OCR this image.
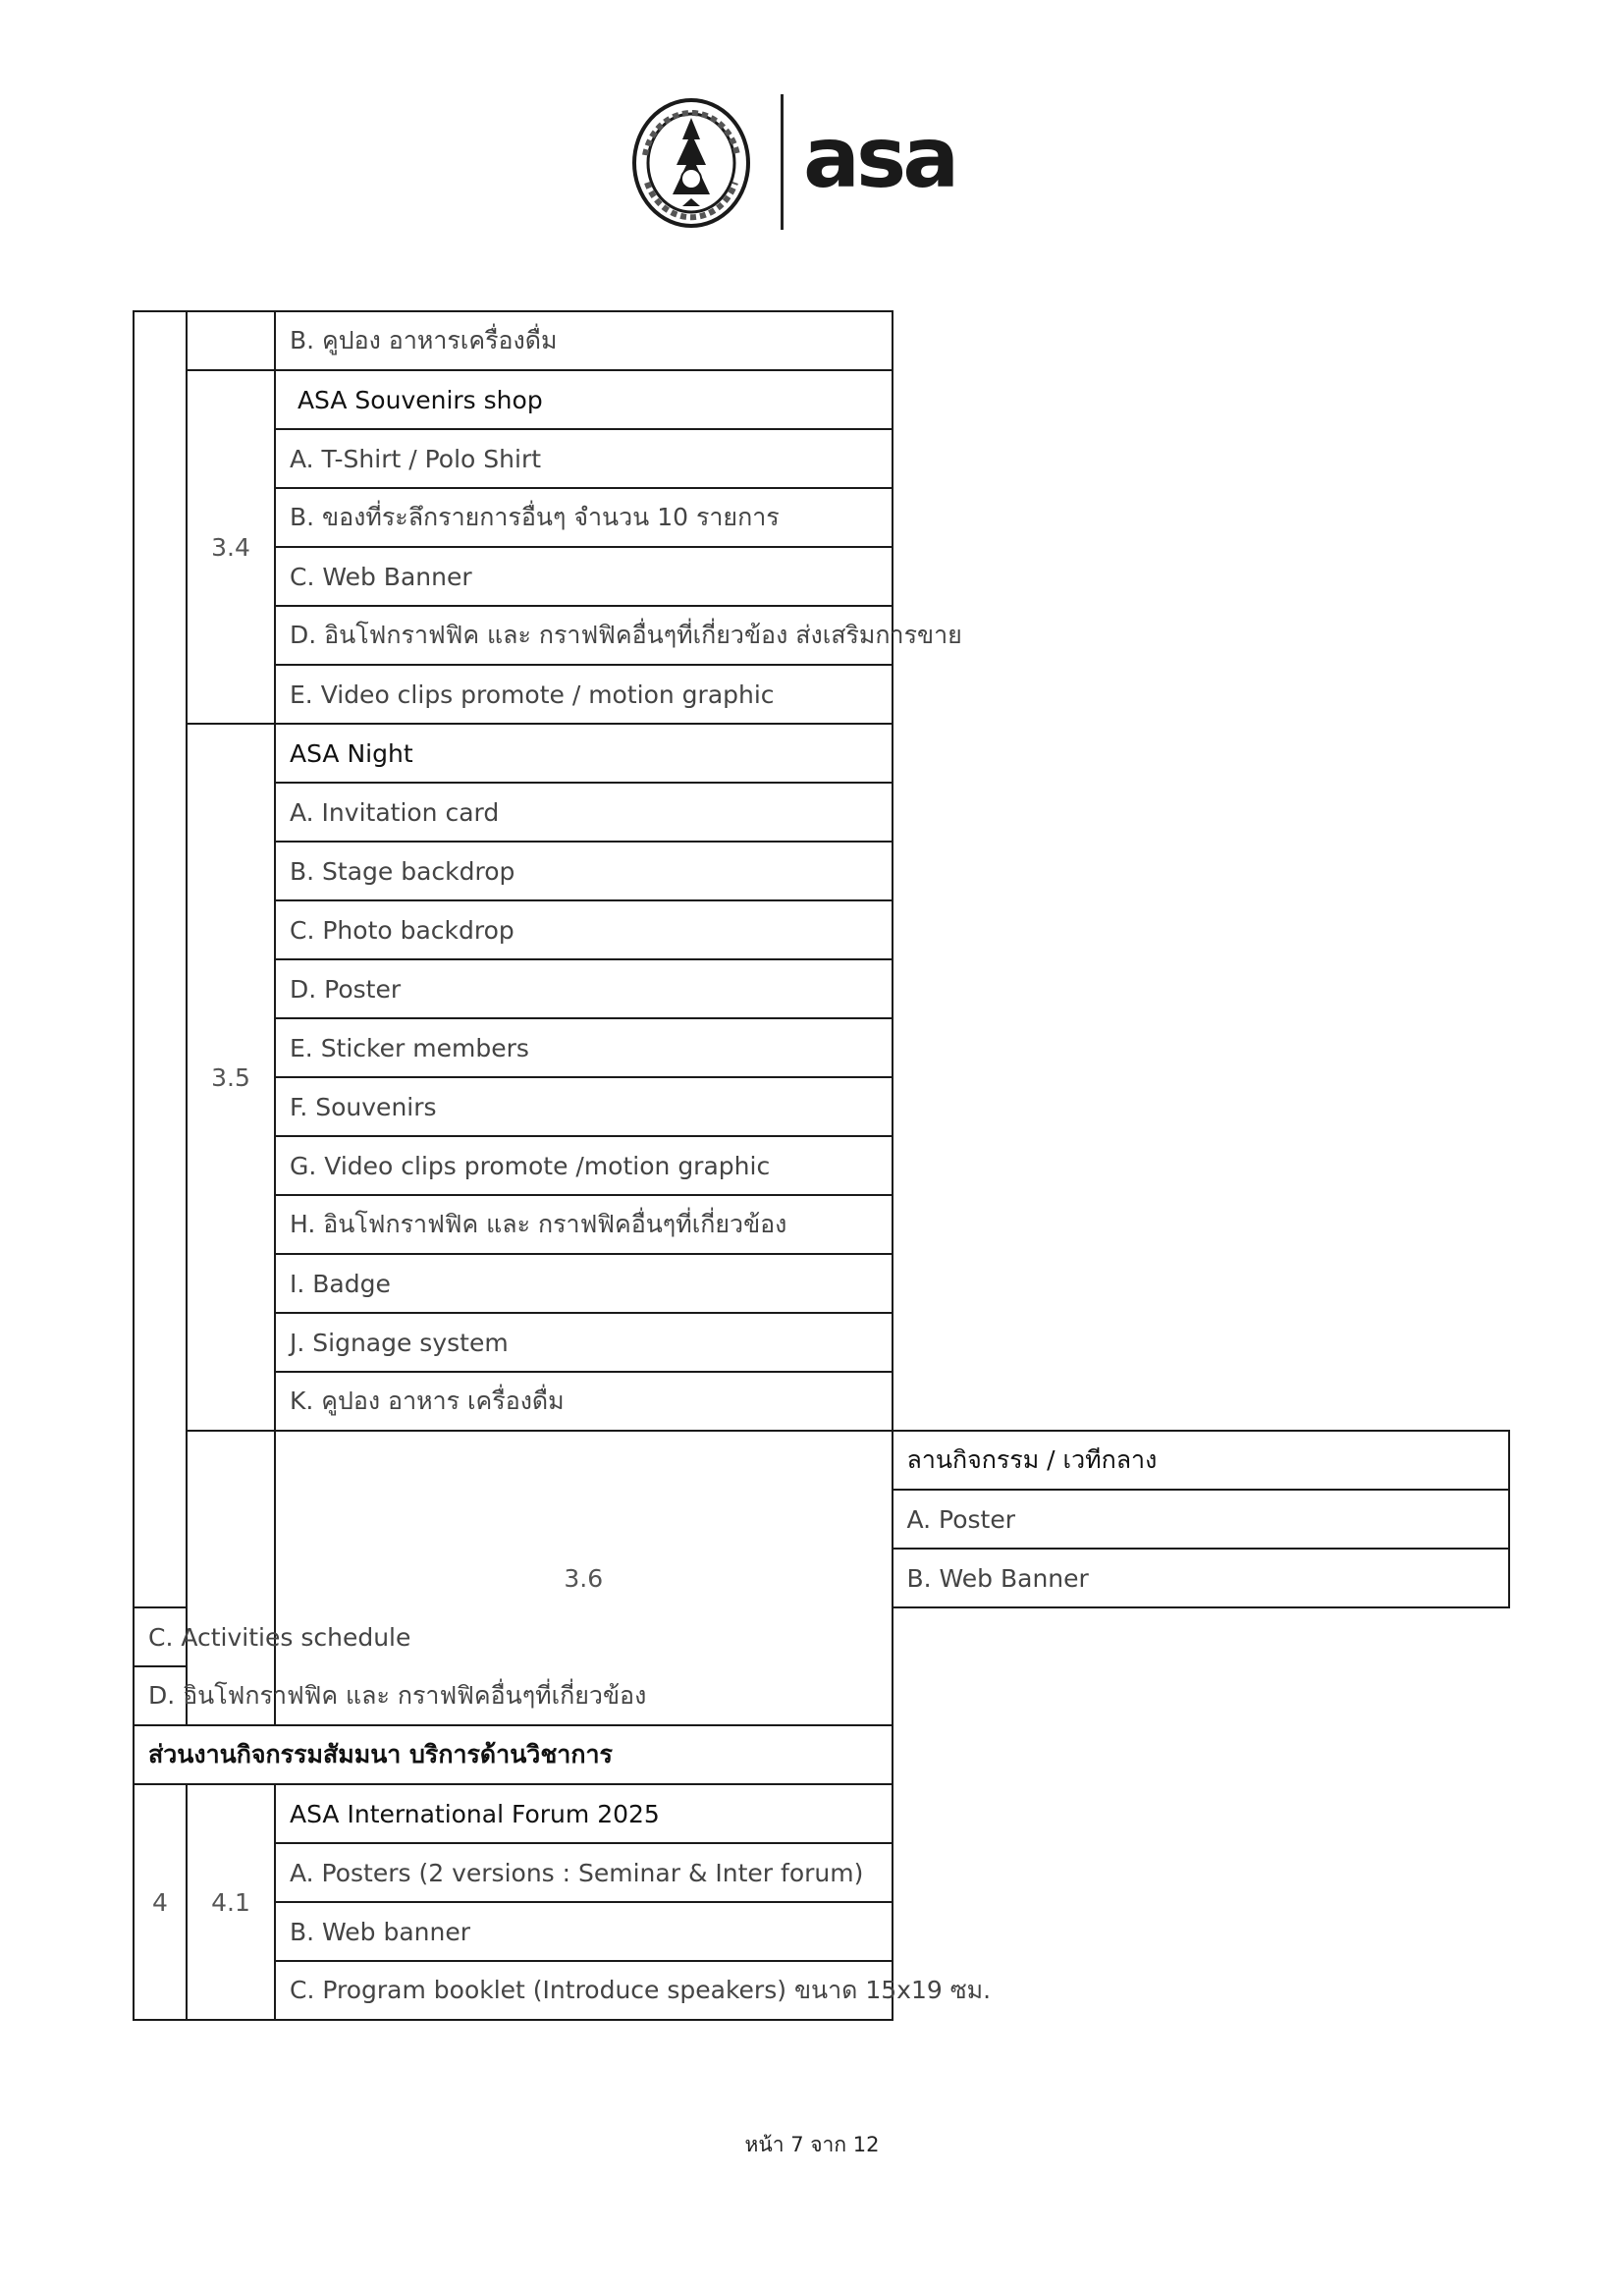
asa
		B. คูปอง อาหารเครื่องดื่ม	
	3.4	ASA Souvenirs shop	
		A. T-Shirt / Polo Shirt	
		B. ของที่ระลึกรายการอื่นๆ จำนวน 10 รายการ	
		C. Web Banner	
		D. อินโฟกราฟฟิค และ กราฟฟิคอื่นๆที่เกี่ยวข้อง ส่งเสริมการขาย	
		E. Video clips promote / motion graphic	
	3.5	ASA Night	
		A. Invitation card	
		B. Stage backdrop	
		C. Photo backdrop	
		D. Poster	
		E. Sticker members	
		F. Souvenirs	
		G. Video clips promote /motion graphic	
		H. อินโฟกราฟฟิค และ กราฟฟิคอื่นๆที่เกี่ยวข้อง	
		I. Badge	
		J. Signage system	
		K. คูปอง อาหาร เครื่องดื่ม	
		3.6	ลานกิจกรรม / เวทีกลาง
			A. Poster
			B. Web Banner
C. Activities schedule			
D. อินโฟกราฟฟิค และ กราฟฟิคอื่นๆที่เกี่ยวข้อง			
ส่วนงานกิจกรรมสัมมนา บริการด้านวิชาการ			
4	4.1	ASA International Forum 2025	
		A. Posters (2 versions : Seminar & Inter forum)	
		B. Web banner	
		C. Program booklet (Introduce speakers) ขนาด 15x19 ซม.	
หน้า 7 จาก 12
